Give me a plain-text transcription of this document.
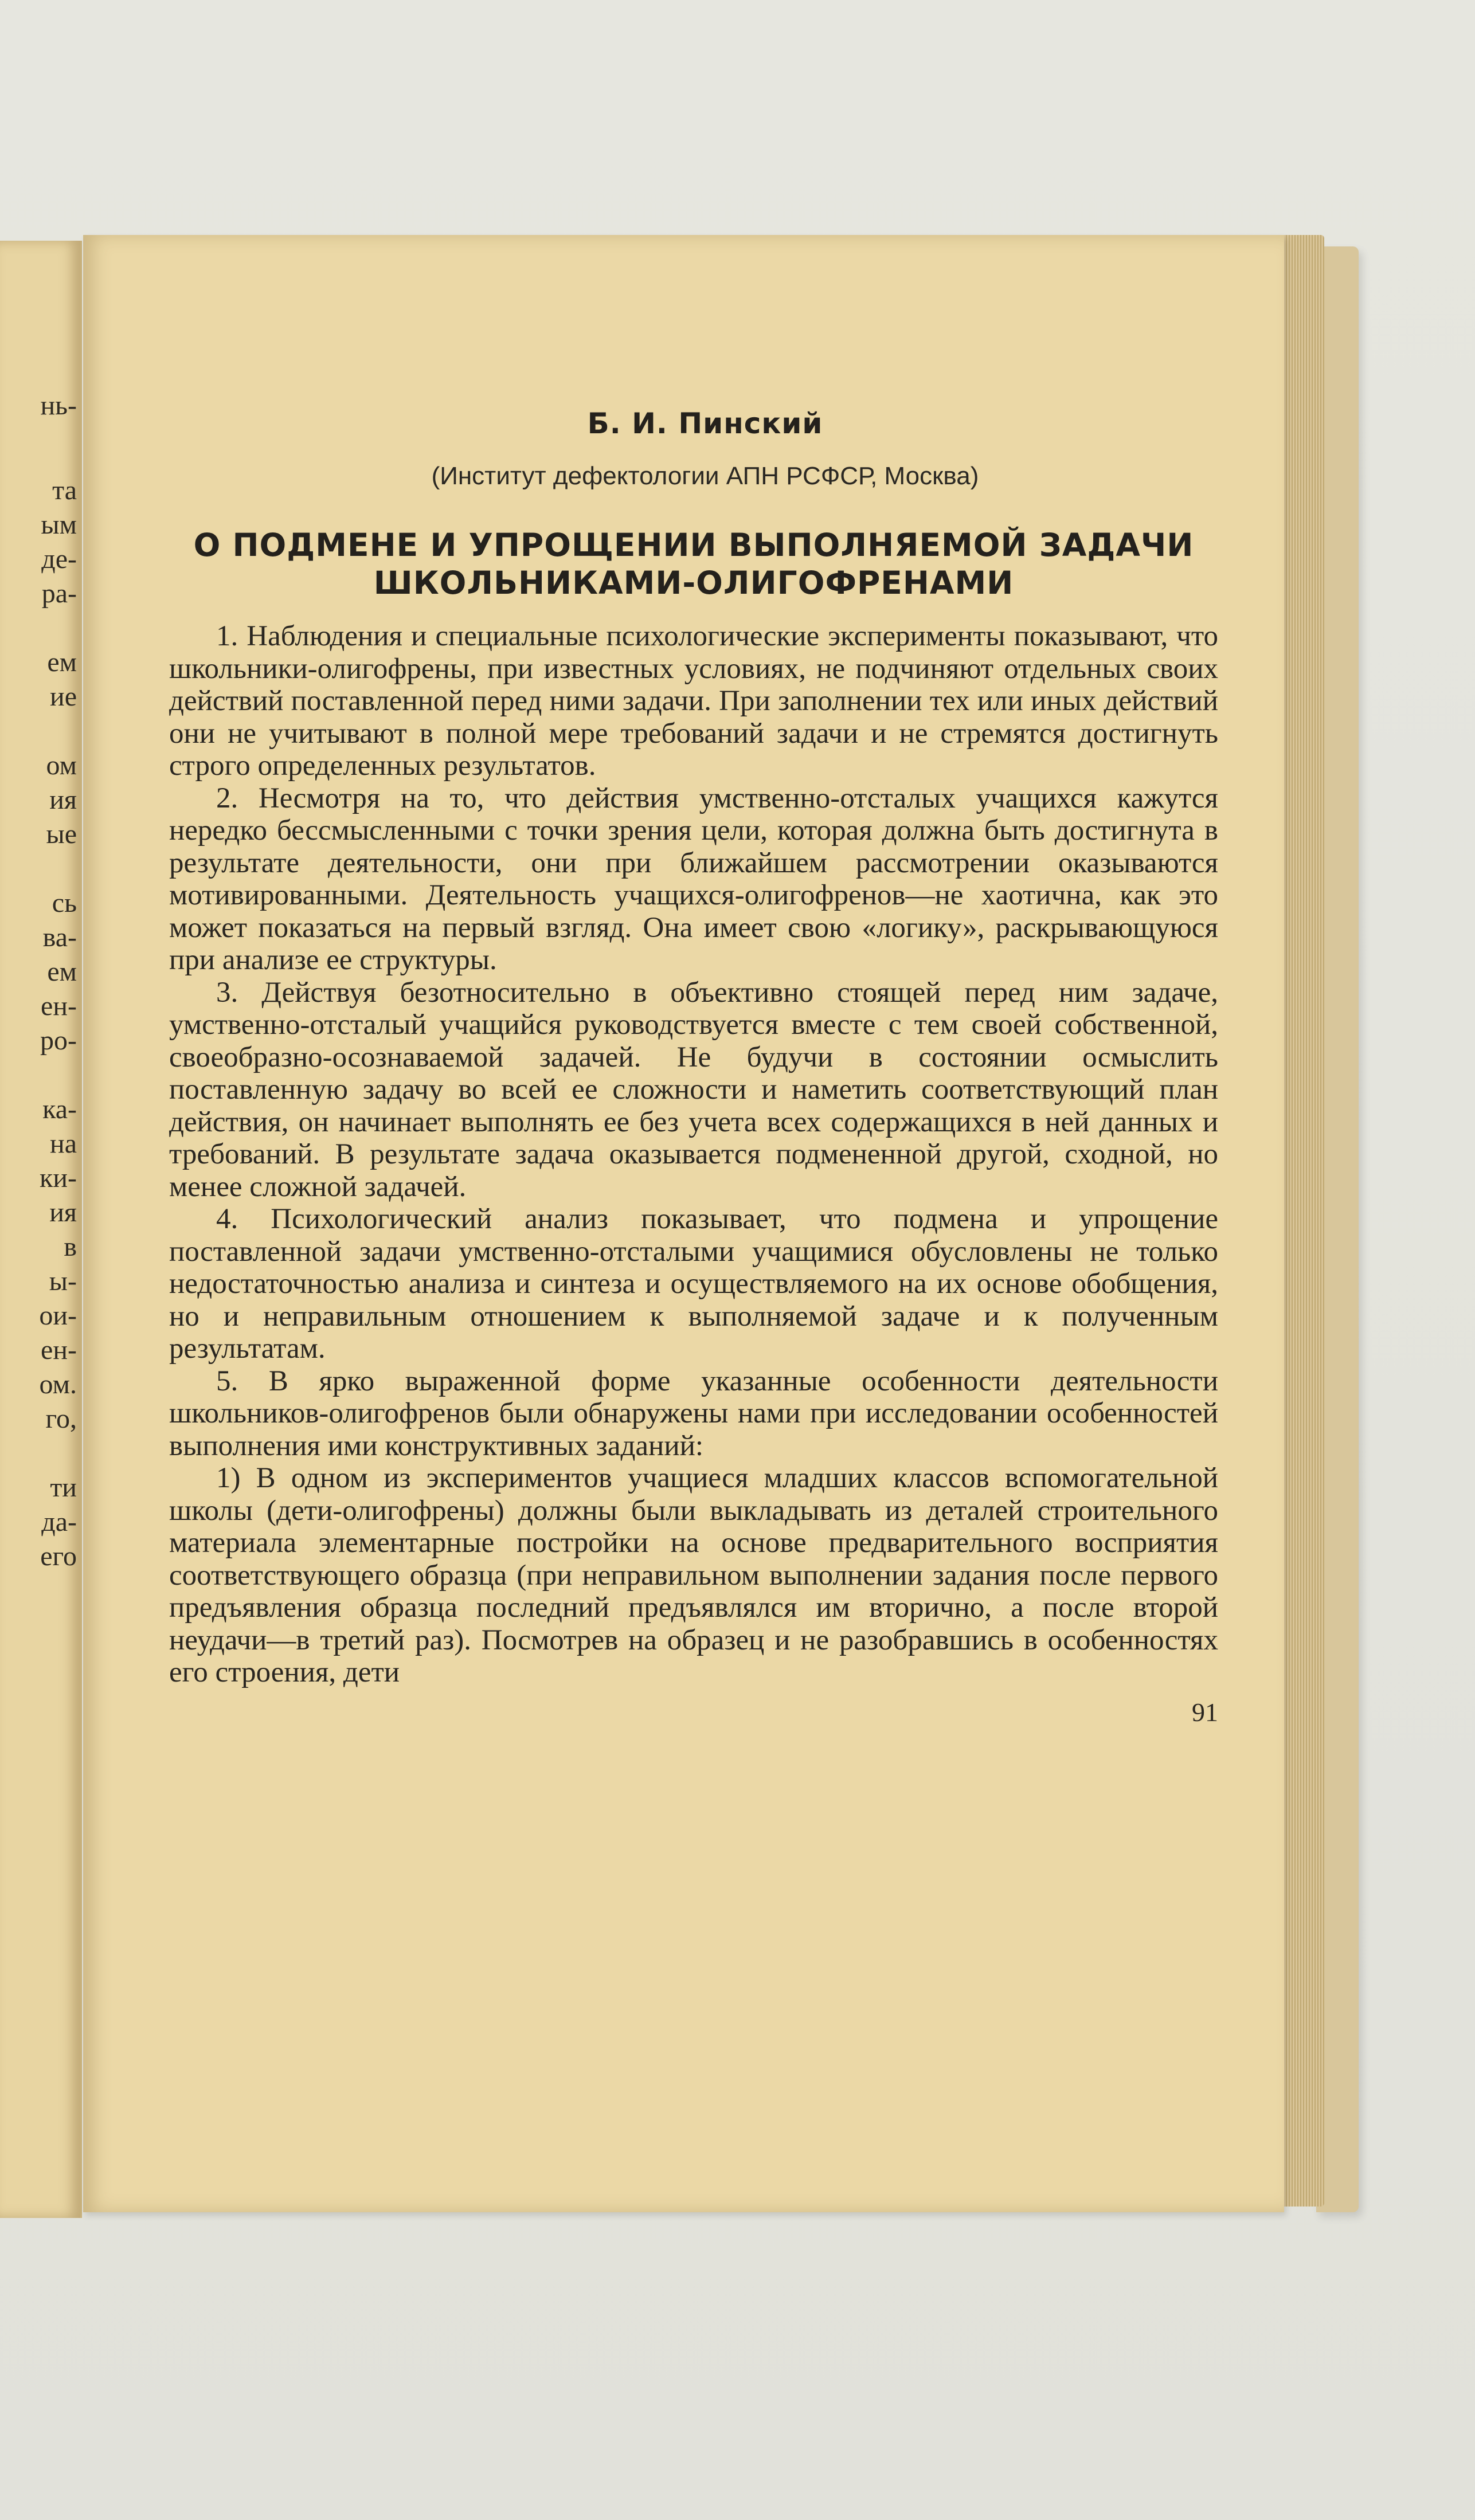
нь-
та
ым
де-
ра-
ем
ие
ом
ия
ые
сь
ва-
ем
ен-
ро-
ка-
на
ки-
ия
в
ы-
ои-
ен-
ом.
го,
ти
да-
его
Б. И. Пинский
(Институт дефектологии АПН РСФСР, Москва)
О ПОДМЕНЕ И УПРОЩЕНИИ ВЫПОЛНЯЕМОЙ ЗАДАЧИ
ШКОЛЬНИКАМИ-ОЛИГОФРЕНАМИ

1. Наблюдения и специальные психологические эксперименты показывают, что школьники-олигофрены, при известных условиях, не подчиняют отдельных своих действий поставленной перед ними задачи. При заполнении тех или иных действий они не учитывают в полной мере требований задачи и не стремятся достигнуть строго определенных результатов.

2. Несмотря на то, что действия умственно-отсталых учащихся кажутся нередко бесcмысленными с точки зрения цели, которая должна быть достигнута в результате деятельности, они при ближайшем рассмотрении оказываются мотивированными. Деятельность учащихся-олигофренов—не хаотична, как это может показаться на первый взгляд. Она имеет свою «логику», раскрывающуюся при анализе ее структуры.

3. Действуя безотносительно в объективно стоящей перед ним задаче, умственно-отсталый учащийся руководствуется вместе с тем своей собственной, своеобразно-осознаваемой задачей. Не будучи в состоянии осмыслить поставленную задачу во всей ее сложности и наметить соответствующий план действия, он начинает выполнять ее без учета всех содержащихся в ней данных и требований. В результате задача оказывается подмененной другой, сходной, но менее сложной задачей.

4. Психологический анализ показывает, что подмена и упрощение поставленной задачи умственно-отсталыми учащимися обусловлены не только недостаточностью анализа и синтеза и осуществляемого на их основе обобщения, но и неправильным отношением к выполняемой задаче и к полученным результатам.

5. В ярко выраженной форме указанные особенности деятельности школьников-олигофренов были обнаружены нами при исследовании особенностей выполнения ими конструктивных заданий:

1) В одном из экспериментов учащиеся младших классов вспомогательной школы (дети-олигофрены) должны были выкладывать из деталей строительного материала элементарные постройки на основе предварительного восприятия соответствующего образца (при неправильном выполнении задания после первого предъявления образца последний предъявлялся им вторично, а после второй неудачи—в третий раз). Посмотрев на образец и не разобравшись в особенностях его строения, дети

91
